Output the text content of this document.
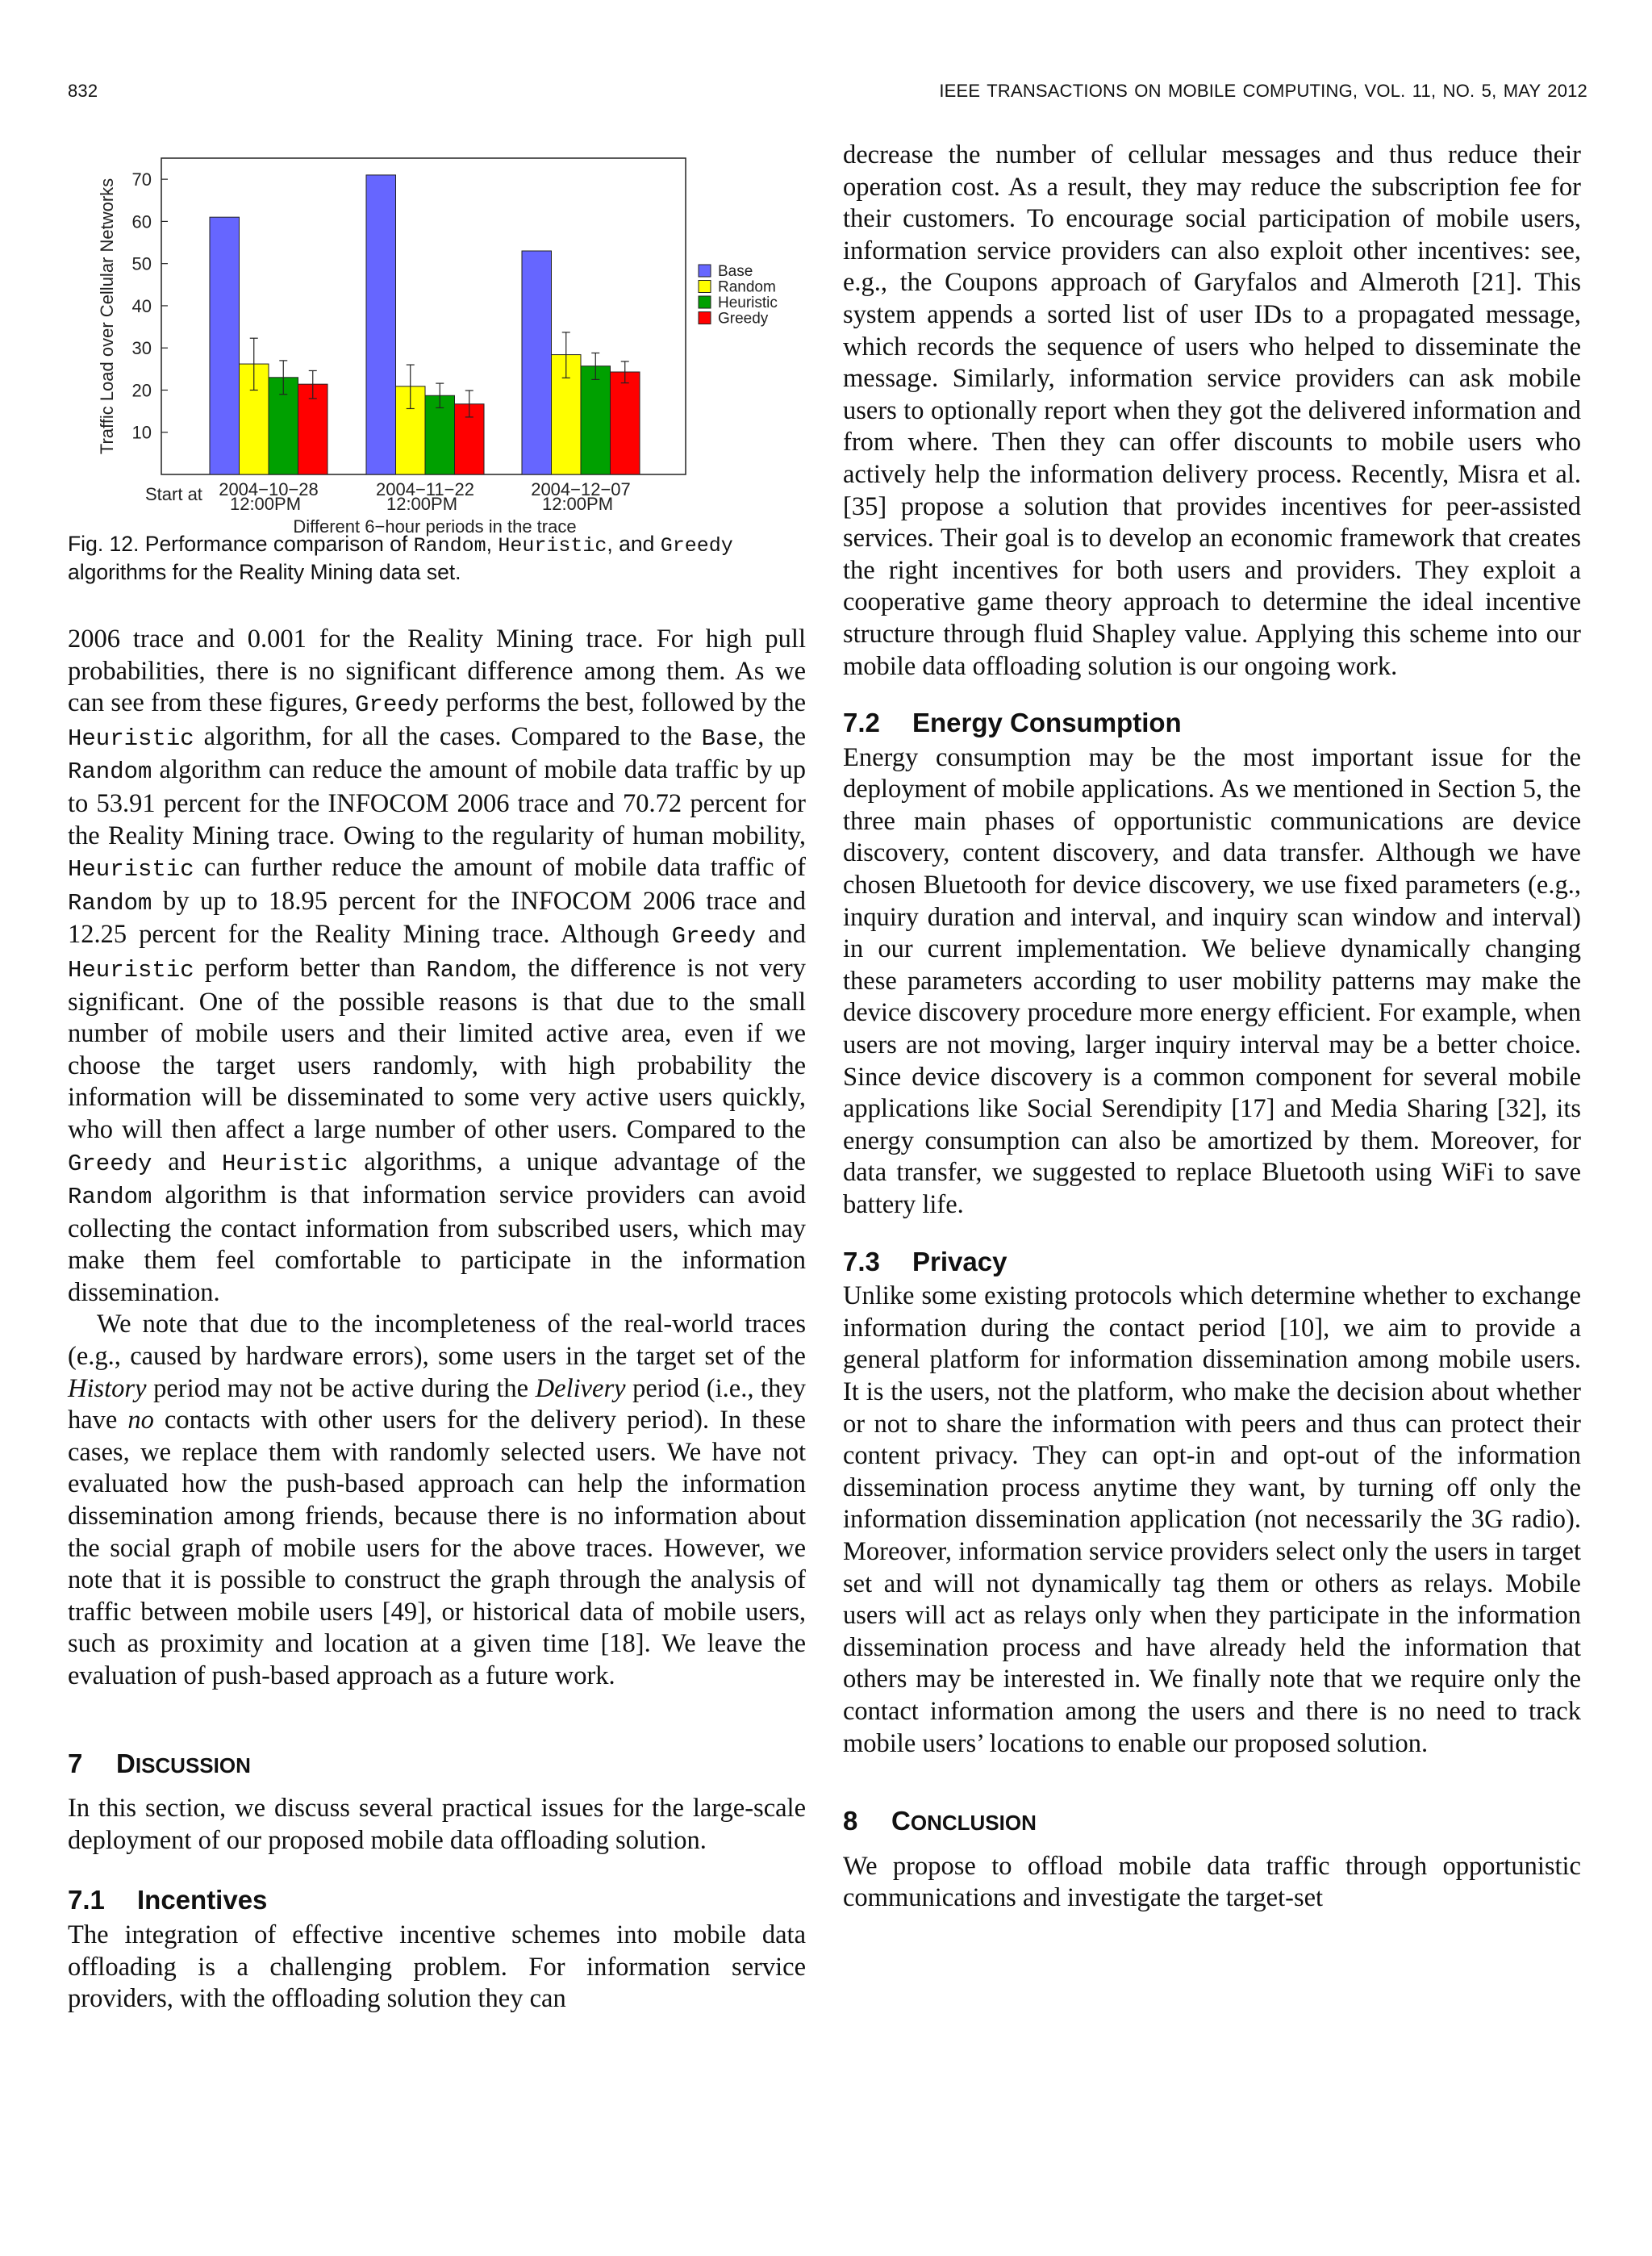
832	IEEE TRANSACTIONS ON MOBILE COMPUTING, VOL. 11, NO. 5, MAY 2012
10
20
30
40
50
60
70
Traffic Load over Cellular Networks
Start at 2004−10−28
12:00PM
2004−11−22
12:00PM
2004−12−07
12:00PM
Different 6−hour periods in the trace
Base
Random
Heuristic
Greedy

Fig. 12. Performance comparison of Random, Heuristic, and Greedy algorithms for the Reality Mining data set.

2006 trace and 0.001 for the Reality Mining trace. For high pull probabilities, there is no significant difference among them. As we can see from these figures, Greedy performs the best, followed by the Heuristic algorithm, for all the cases. Compared to the Base, the Random algorithm can reduce the amount of mobile data traffic by up to 53.91 percent for the INFOCOM 2006 trace and 70.72 percent for the Reality Mining trace. Owing to the regularity of human mobility, Heuristic can further reduce the amount of mobile data traffic of Random by up to 18.95 percent for the INFOCOM 2006 trace and 12.25 percent for the Reality Mining trace. Although Greedy and Heuristic perform better than Random, the difference is not very significant. One of the possible reasons is that due to the small number of mobile users and their limited active area, even if we choose the target users randomly, with high probability the information will be disseminated to some very active users quickly, who will then affect a large number of other users. Compared to the Greedy and Heuristic algorithms, a unique advantage of the Random algorithm is that information service providers can avoid collecting the contact information from subscribed users, which may make them feel comfortable to participate in the information dissemination.

We note that due to the incompleteness of the real-world traces (e.g., caused by hardware errors), some users in the target set of the History period may not be active during the Delivery period (i.e., they have no contacts with other users for the delivery period). In these cases, we replace them with randomly selected users. We have not evaluated how the push-based approach can help the information dissemination among friends, because there is no information about the social graph of mobile users for the above traces. However, we note that it is possible to construct the graph through the analysis of traffic between mobile users [49], or historical data of mobile users, such as proximity and location at a given time [18]. We leave the evaluation of push-based approach as a future work.

7 DISCUSSION

In this section, we discuss several practical issues for the large-scale deployment of our proposed mobile data offloading solution.

7.1 Incentives

The integration of effective incentive schemes into mobile data offloading is a challenging problem. For information service providers, with the offloading solution they can

decrease the number of cellular messages and thus reduce their operation cost. As a result, they may reduce the subscription fee for their customers. To encourage social participation of mobile users, information service providers can also exploit other incentives: see, e.g., the Coupons approach of Garyfalos and Almeroth [21]. This system appends a sorted list of user IDs to a propagated message, which records the sequence of users who helped to disseminate the message. Similarly, information service providers can ask mobile users to optionally report when they got the delivered information and from where. Then they can offer discounts to mobile users who actively help the information delivery process. Recently, Misra et al. [35] propose a solution that provides incentives for peer-assisted services. Their goal is to develop an economic framework that creates the right incentives for both users and providers. They exploit a cooperative game theory approach to determine the ideal incentive structure through fluid Shapley value. Applying this scheme into our mobile data offloading solution is our ongoing work.

7.2 Energy Consumption

Energy consumption may be the most important issue for the deployment of mobile applications. As we mentioned in Section 5, the three main phases of opportunistic communications are device discovery, content discovery, and data transfer. Although we have chosen Bluetooth for device discovery, we use fixed parameters (e.g., inquiry duration and interval, and inquiry scan window and interval) in our current implementation. We believe dynamically changing these parameters according to user mobility patterns may make the device discovery procedure more energy efficient. For example, when users are not moving, larger inquiry interval may be a better choice. Since device discovery is a common component for several mobile applications like Social Serendipity [17] and Media Sharing [32], its energy consumption can also be amortized by them. Moreover, for data transfer, we suggested to replace Bluetooth using WiFi to save battery life.

7.3 Privacy

Unlike some existing protocols which determine whether to exchange information during the contact period [10], we aim to provide a general platform for information dissemination among mobile users. It is the users, not the platform, who make the decision about whether or not to share the information with peers and thus can protect their content privacy. They can opt-in and opt-out of the information dissemination process anytime they want, by turning off only the information dissemination application (not necessarily the 3G radio). Moreover, information service providers select only the users in target set and will not dynamically tag them or others as relays. Mobile users will act as relays only when they participate in the information dissemination process and have already held the information that others may be interested in. We finally note that we require only the contact information among the users and there is no need to track mobile users’ locations to enable our proposed solution.

8 CONCLUSION

We propose to offload mobile data traffic through opportunistic communications and investigate the target-set
